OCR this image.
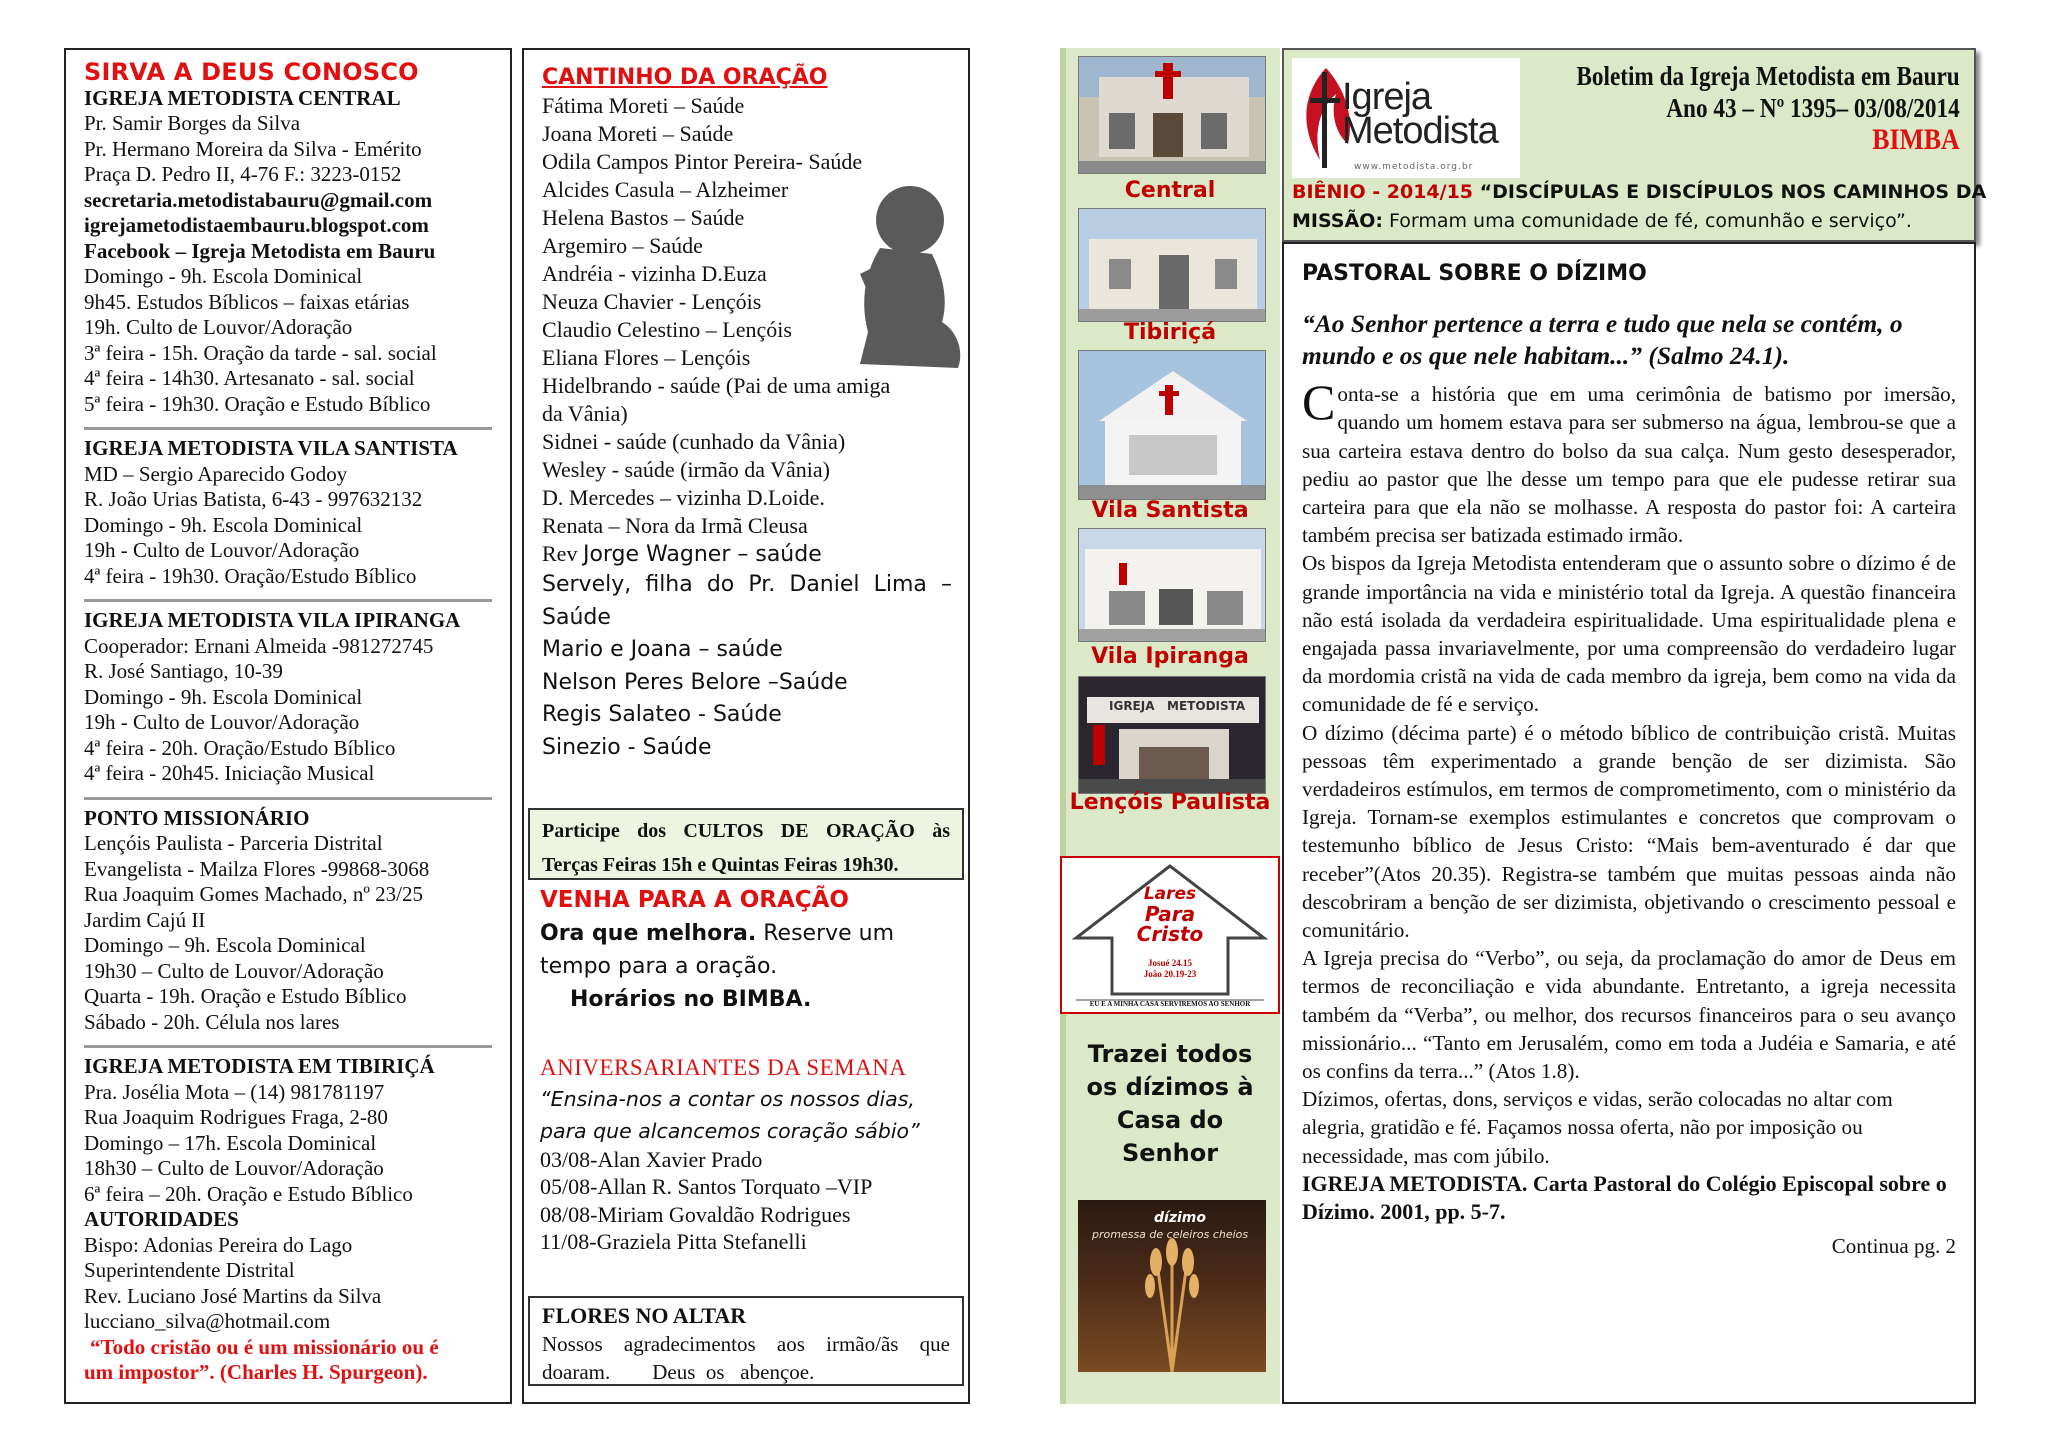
SIRVA A DEUS CONOSCO
IGREJA METODISTA CENTRAL
Pr. Samir Borges da Silva
Pr. Hermano Moreira da Silva - Emérito
Praça D. Pedro II, 4-76 F.: 3223-0152
secretaria.metodistabauru@gmail.com
igrejametodistaembauru.blogspot.com
Facebook – Igreja Metodista em Bauru
Domingo - 9h. Escola Dominical
9h45. Estudos Bíblicos – faixas etárias
19h. Culto de Louvor/Adoração
3ª feira - 15h. Oração da tarde - sal. social
4ª feira - 14h30. Artesanato - sal. social
5ª feira - 19h30. Oração e Estudo Bíblico
IGREJA METODISTA VILA SANTISTA
MD – Sergio Aparecido Godoy
R. João Urias Batista, 6-43 - 997632132
Domingo - 9h. Escola Dominical
19h - Culto de Louvor/Adoração
4ª feira - 19h30. Oração/Estudo Bíblico
IGREJA METODISTA VILA IPIRANGA
Cooperador: Ernani Almeida -981272745
R. José Santiago, 10-39
Domingo - 9h. Escola Dominical
19h - Culto de Louvor/Adoração
4ª feira - 20h. Oração/Estudo Bíblico
4ª feira - 20h45. Iniciação Musical
PONTO MISSIONÁRIO
Lençóis Paulista - Parceria Distrital
Evangelista - Mailza Flores -99868-3068
Rua Joaquim Gomes Machado, nº 23/25
Jardim Cajú II
Domingo – 9h. Escola Dominical
19h30 – Culto de Louvor/Adoração
Quarta - 19h. Oração e Estudo Bíblico
Sábado - 20h. Célula nos lares
IGREJA METODISTA EM TIBIRIÇÁ
Pra. Josélia Mota – (14) 981781197
Rua Joaquim Rodrigues Fraga, 2-80
Domingo – 17h. Escola Dominical
18h30 – Culto de Louvor/Adoração
6ª feira – 20h. Oração e Estudo Bíblico
AUTORIDADES
Bispo: Adonias Pereira do Lago
Superintendente Distrital
Rev. Luciano José Martins da Silva
lucciano_silva@hotmail.com
“Todo cristão ou é um missionário ou é
um impostor”. (Charles H. Spurgeon).
CANTINHO DA ORAÇÃO
Fátima Moreti – Saúde
Joana Moreti – Saúde
Odila Campos Pintor Pereira- Saúde
Alcides Casula – Alzheimer
Helena Bastos – Saúde
Argemiro – Saúde
Andréia - vizinha D.Euza
Neuza Chavier - Lençóis
Claudio Celestino – Lençóis
Eliana Flores – Lençóis
Hidelbrando - saúde (Pai de uma amiga
da Vânia)
Sidnei - saúde (cunhado da Vânia)
Wesley - saúde (irmão da Vânia)
D. Mercedes – vizinha D.Loide.
Renata – Nora da Irmã Cleusa
Rev Jorge Wagner – saúde
Servely, filha do Pr. Daniel Lima –
Saúde
Mario e Joana – saúde
Nelson Peres Belore –Saúde
Regis Salateo - Saúde
Sinezio - Saúde
Participe dos CULTOS DE ORAÇÃO às
Terças Feiras 15h e Quintas Feiras 19h30.
VENHA PARA A ORAÇÃO
Ora que melhora. Reserve um
tempo para a oração.
Horários no BIMBA.
ANIVERSARIANTES DA SEMANA
“Ensina-nos a contar os nossos dias,
para que alcancemos coração sábio”
03/08-Alan Xavier Prado
05/08-Allan R. Santos Torquato –VIP
08/08-Miriam Govaldão Rodrigues
11/08-Graziela Pitta Stefanelli
FLORES NO ALTAR
Nossos agradecimentos aos irmão/ãs que
doaram.        Deus  os   abençoe.
Central
Tibiriçá
Vila Santista
Vila Ipiranga
IGREJA   METODISTA
Lençóis Paulista
Lares
Para
Cristo
Josué 24.15
João 20.19-23
EU E A MINHA CASA SERVIREMOS AO SENHOR
Trazei todos
os dízimos à
Casa do
Senhor
dízimo
promessa de celeiros cheios
Igreja
Metodista
www.metodista.org.br
Boletim da Igreja Metodista em Bauru
Ano 43 – Nº 1395– 03/08/2014
BIMBA
BIÊNIO - 2014/15 “DISCÍPULAS E DISCÍPULOS NOS CAMINHOS DA
MISSÃO: Formam uma comunidade de fé, comunhão e serviço”.
PASTORAL SOBRE O DÍZIMO
“Ao Senhor pertence a terra e tudo que nela se contém, o mundo e os que nele habitam...” (Salmo 24.1).

Conta-se a história que em uma cerimônia de batismo por imersão, quando um homem estava para ser submerso na água, lembrou-se que a sua carteira estava dentro do bolso da sua calça. Num gesto desesperador, pediu ao pastor que lhe desse um tempo para que ele pudesse retirar sua carteira para que ela não se molhasse. A resposta do pastor foi: A carteira também precisa ser batizada estimado irmão.

Os bispos da Igreja Metodista entenderam que o assunto sobre o dízimo é de grande importância na vida e ministério total da Igreja. A questão financeira não está isolada da verdadeira espiritualidade. Uma espiritualidade plena e engajada passa invariavelmente, por uma compreensão do verdadeiro lugar da mordomia cristã na vida de cada membro da igreja, bem como na vida da comunidade de fé e serviço.

O dízimo (décima parte) é o método bíblico de contribuição cristã. Muitas pessoas têm experimentado a grande benção de ser dizimista. São verdadeiros estímulos, em termos de comprometimento, com o ministério da Igreja. Tornam-se exemplos estimulantes e concretos que comprovam o testemunho bíblico de Jesus Cristo: “Mais bem-aventurado é dar que receber”(Atos 20.35). Registra-se também que muitas pessoas ainda não descobriram a benção de ser dizimista, objetivando o crescimento pessoal e comunitário.

A Igreja precisa do “Verbo”, ou seja, da proclamação do amor de Deus em termos de reconciliação e vida abundante. Entretanto, a igreja necessita também da “Verba”, ou melhor, dos recursos financeiros para o seu avanço missionário... “Tanto em Jerusalém, como em toda a Judéia e Samaria, e até os confins da terra...” (Atos 1.8).

Dízimos, ofertas, dons, serviços e vidas, serão colocadas no altar com alegria, gratidão e fé. Façamos nossa oferta, não por imposição ou necessidade, mas com júbilo.

IGREJA METODISTA. Carta Pastoral do Colégio Episcopal sobre o Dízimo. 2001, pp. 5-7.

Continua pg. 2
